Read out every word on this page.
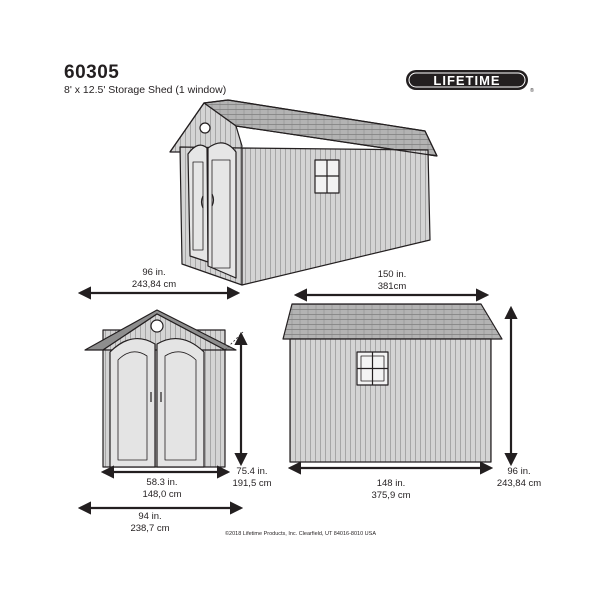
60305
8' x 12.5' Storage Shed (1 window)
LIFETIME
®
96 in.
243,84 cm
150 in.
381cm
58.3 in.
148,0 cm
75.4 in.
191,5 cm	148 in.
375,9 cm
96 in.
243,84 cm
94 in.
238,7 cm	©2018 Lifetime Products, Inc. Clearfield, UT 84016-8010 USA
